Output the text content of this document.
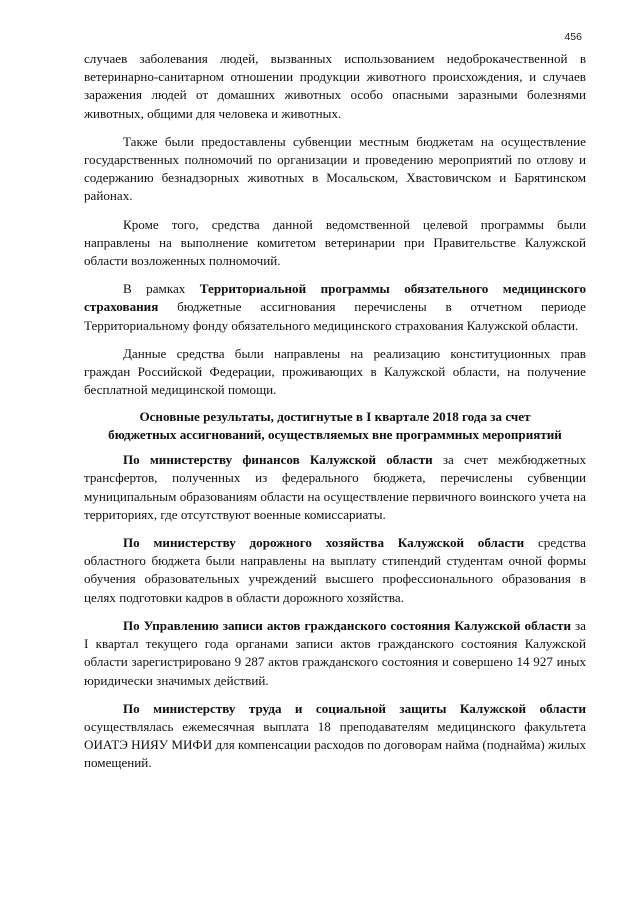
456

случаев заболевания людей, вызванных использованием недоброкачественной в ветеринарно-санитарном отношении продукции животного происхождения, и случаев заражения людей от домашних животных особо опасными заразными болезнями животных, общими для человека и животных.

Также были предоставлены субвенции местным бюджетам на осуществление государственных полномочий по организации и проведению мероприятий по отлову и содержанию безнадзорных животных в Мосальском, Хвастовичском и Барятинском районах.

Кроме того, средства данной ведомственной целевой программы были направлены на выполнение комитетом ветеринарии при Правительстве Калужской области возложенных полномочий.

В рамках Территориальной программы обязательного медицинского страхования бюджетные ассигнования перечислены в отчетном периоде Территориальному фонду обязательного медицинского страхования Калужской области.

Данные средства были направлены на реализацию конституционных прав граждан Российской Федерации, проживающих в Калужской области, на получение бесплатной медицинской помощи.

Основные результаты, достигнутые в I квартале 2018 года за счет
бюджетных ассигнований, осуществляемых вне программных мероприятий

По министерству финансов Калужской области за счет межбюджетных трансфертов, полученных из федерального бюджета, перечислены субвенции муниципальным образованиям области на осуществление первичного воинского учета на территориях, где отсутствуют военные комиссариаты.

По министерству дорожного хозяйства Калужской области средства областного бюджета были направлены на выплату стипендий студентам очной формы обучения образовательных учреждений высшего профессионального образования в целях подготовки кадров в области дорожного хозяйства.

По Управлению записи актов гражданского состояния Калужской области за I квартал текущего года органами записи актов гражданского состояния Калужской области зарегистрировано 9 287 актов гражданского состояния и совершено 14 927 иных юридически значимых действий.

По министерству труда и социальной защиты Калужской области осуществлялась ежемесячная выплата 18 преподавателям медицинского факультета ОИАТЭ НИЯУ МИФИ для компенсации расходов по договорам найма (поднайма) жилых помещений.
